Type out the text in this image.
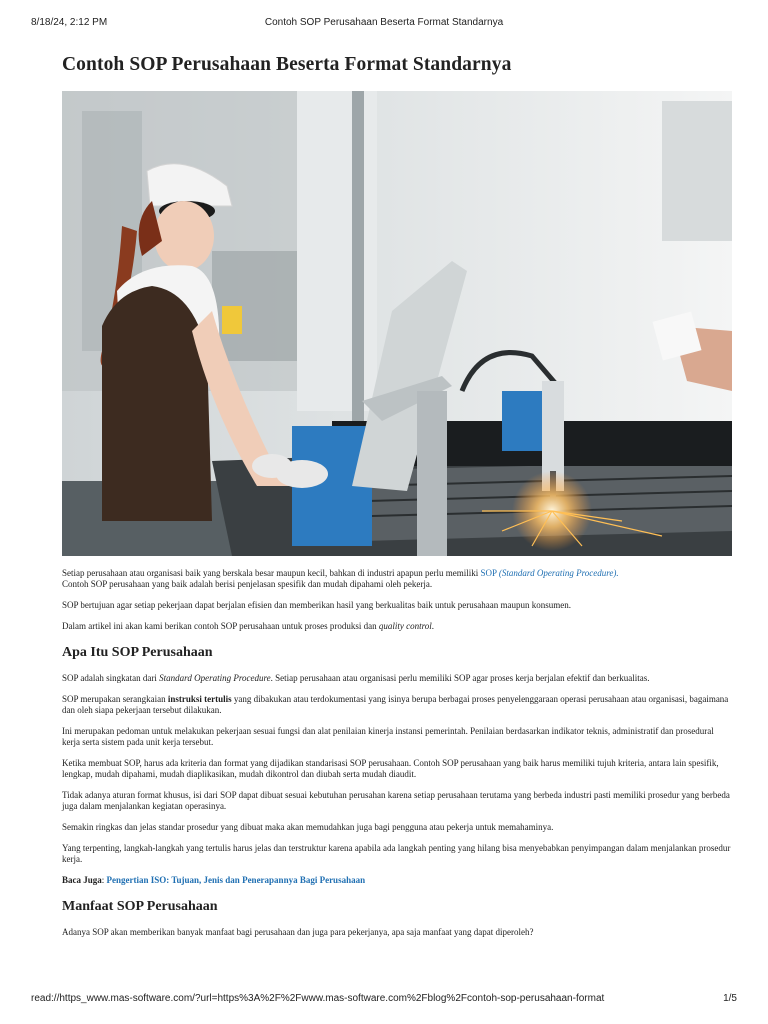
8/18/24, 2:12 PM	Contoh SOP Perusahaan Beserta Format Standarnya
Contoh SOP Perusahaan Beserta Format Standarnya

Setiap perusahaan atau organisasi baik yang berskala besar maupun kecil, bahkan di industri apapun perlu memiliki SOP (Standard Operating Procedure).
Contoh SOP perusahaan yang baik adalah berisi penjelasan spesifik dan mudah dipahami oleh pekerja.

SOP bertujuan agar setiap pekerjaan dapat berjalan efisien dan memberikan hasil yang berkualitas baik untuk perusahaan maupun konsumen.

Dalam artikel ini akan kami berikan contoh SOP perusahaan untuk proses produksi dan quality control.

Apa Itu SOP Perusahaan

SOP adalah singkatan dari Standard Operating Procedure. Setiap perusahaan atau organisasi perlu memiliki SOP agar proses kerja berjalan efektif dan berkualitas.

SOP merupakan serangkaian instruksi tertulis yang dibakukan atau terdokumentasi yang isinya berupa berbagai proses penyelenggaraan operasi perusahaan atau organisasi, bagaimana dan oleh siapa pekerjaan tersebut dilakukan.

Ini merupakan pedoman untuk melakukan pekerjaan sesuai fungsi dan alat penilaian kinerja instansi pemerintah. Penilaian berdasarkan indikator teknis, administratif dan prosedural kerja serta sistem pada unit kerja tersebut.

Ketika membuat SOP, harus ada kriteria dan format yang dijadikan standarisasi SOP perusahaan. Contoh SOP perusahaan yang baik harus memiliki tujuh kriteria, antara lain spesifik, lengkap, mudah dipahami, mudah diaplikasikan, mudah dikontrol dan diubah serta mudah diaudit.

Tidak adanya aturan format khusus, isi dari SOP dapat dibuat sesuai kebutuhan perusahan karena setiap perusahaan terutama yang berbeda industri pasti memiliki prosedur yang berbeda juga dalam menjalankan kegiatan operasinya.

Semakin ringkas dan jelas standar prosedur yang dibuat maka akan memudahkan juga bagi pengguna atau pekerja untuk memahaminya.

Yang terpenting, langkah-langkah yang tertulis harus jelas dan terstruktur karena apabila ada langkah penting yang hilang bisa menyebabkan penyimpangan dalam menjalankan prosedur kerja.

Baca Juga: Pengertian ISO: Tujuan, Jenis dan Penerapannya Bagi Perusahaan

Manfaat SOP Perusahaan

Adanya SOP akan memberikan banyak manfaat bagi perusahaan dan juga para pekerjanya, apa saja manfaat yang dapat diperoleh?

read://https_www.mas-software.com/?url=https%3A%2F%2Fwww.mas-software.com%2Fblog%2Fcontoh-sop-perusahaan-format	1/5
